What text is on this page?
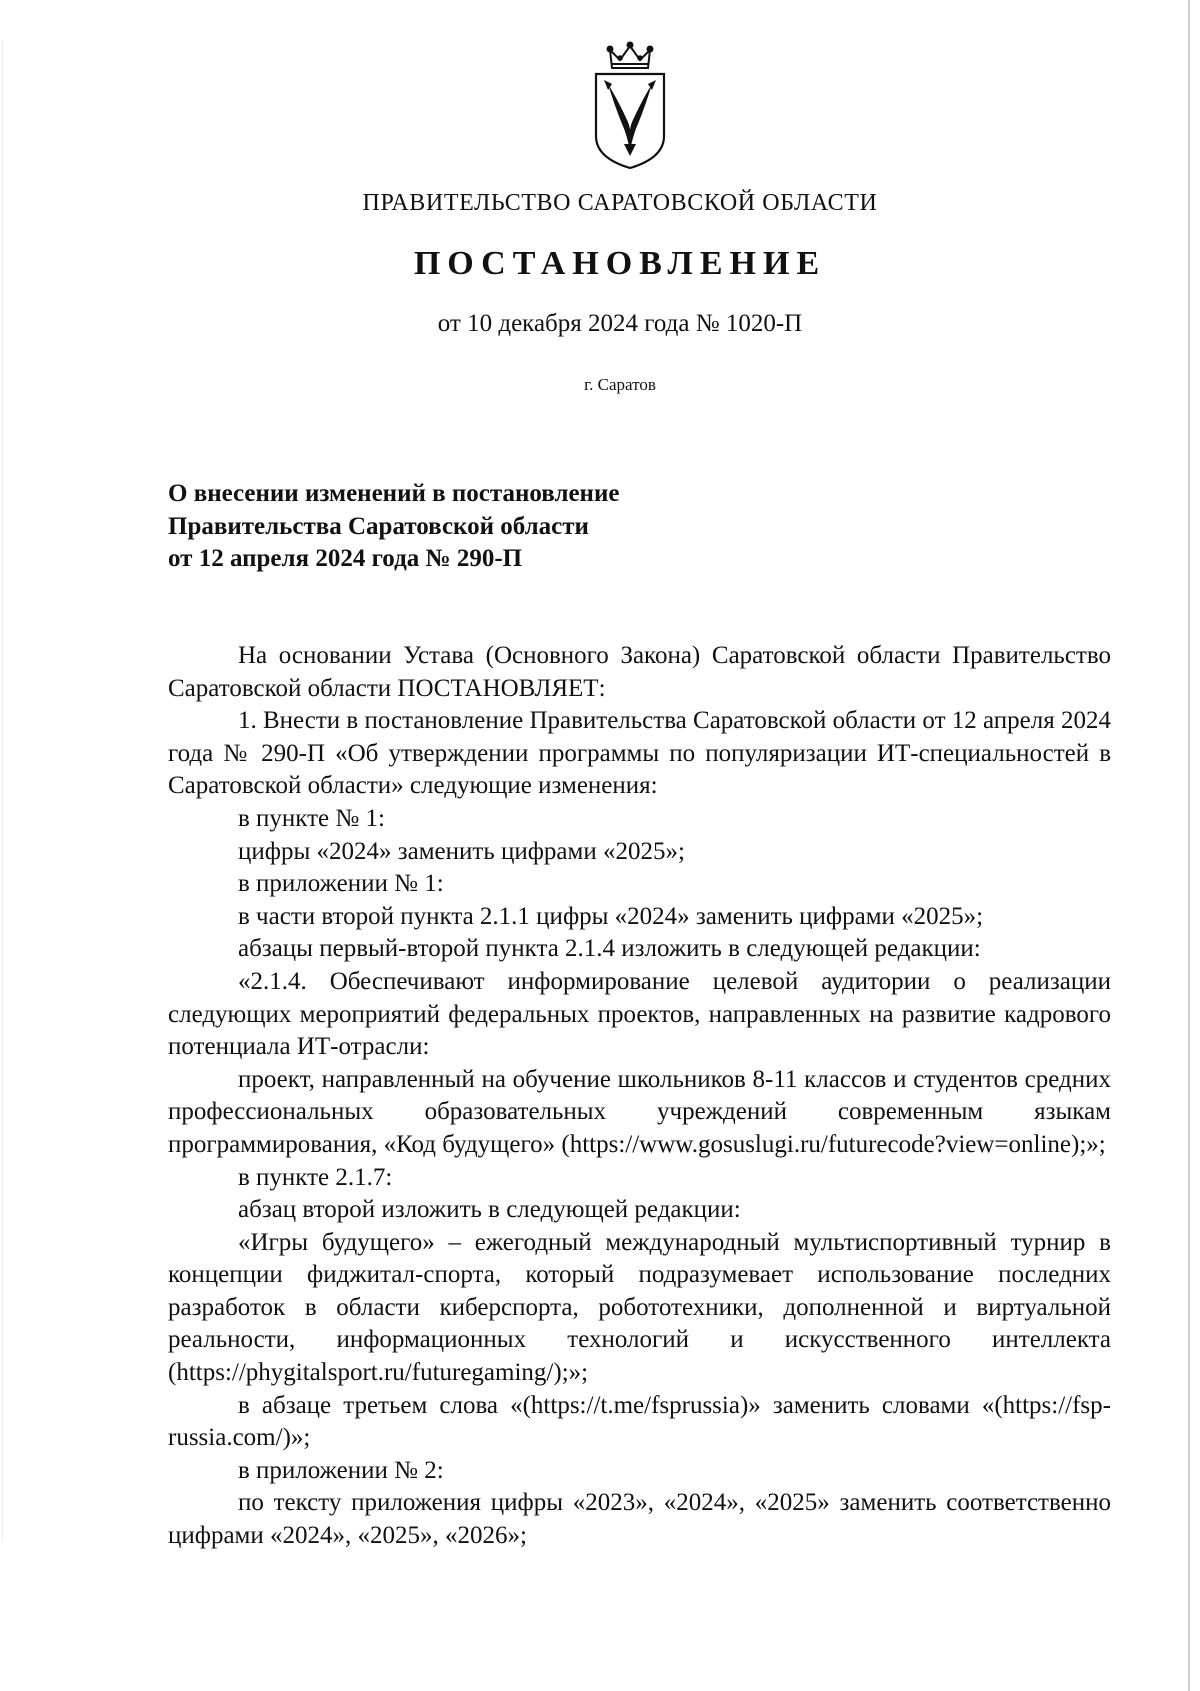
ПРАВИТЕЛЬСТВО САРАТОВСКОЙ ОБЛАСТИ
ПОСТАНОВЛЕНИЕ
от 10 декабря 2024 года № 1020-П
г. Саратов
О внесении изменений в постановление
Правительства Саратовской области
от 12 апреля 2024 года № 290-П

На основании Устава (Основного Закона) Саратовской области Правительство Саратовской области ПОСТАНОВЛЯЕТ:

1. Внести в постановление Правительства Саратовской области от 12 апреля 2024 года № 290-П «Об утверждении программы по популяризации ИТ-специальностей в Саратовской области» следующие изменения:

в пункте № 1:

цифры «2024» заменить цифрами «2025»;

в приложении № 1:

в части второй пункта 2.1.1 цифры «2024» заменить цифрами «2025»;

абзацы первый-второй пункта 2.1.4 изложить в следующей редакции:

«2.1.4. Обеспечивают информирование целевой аудитории о реализации следующих мероприятий федеральных проектов, направленных на развитие кадрового потенциала ИТ-отрасли:

проект, направленный на обучение школьников 8-11 классов и студентов средних профессиональных образовательных учреждений современным языкам программирования, «Код будущего» (https://www.gosuslugi.ru/futurecode?view=online);»;

в пункте 2.1.7:

абзац второй изложить в следующей редакции:

«Игры будущего» – ежегодный международный мультиспортивный турнир в концепции фиджитал-спорта, который подразумевает использование последних разработок в области киберспорта, робототехники, дополненной и виртуальной реальности, информационных технологий и искусственного интеллекта (https://phygitalsport.ru/futuregaming/);»;

в абзаце третьем слова «(https://t.me/fsprussia)» заменить словами «(https://fsp-russia.com/)»;

в приложении № 2:

по тексту приложения цифры «2023», «2024», «2025» заменить соответственно цифрами «2024», «2025», «2026»;
